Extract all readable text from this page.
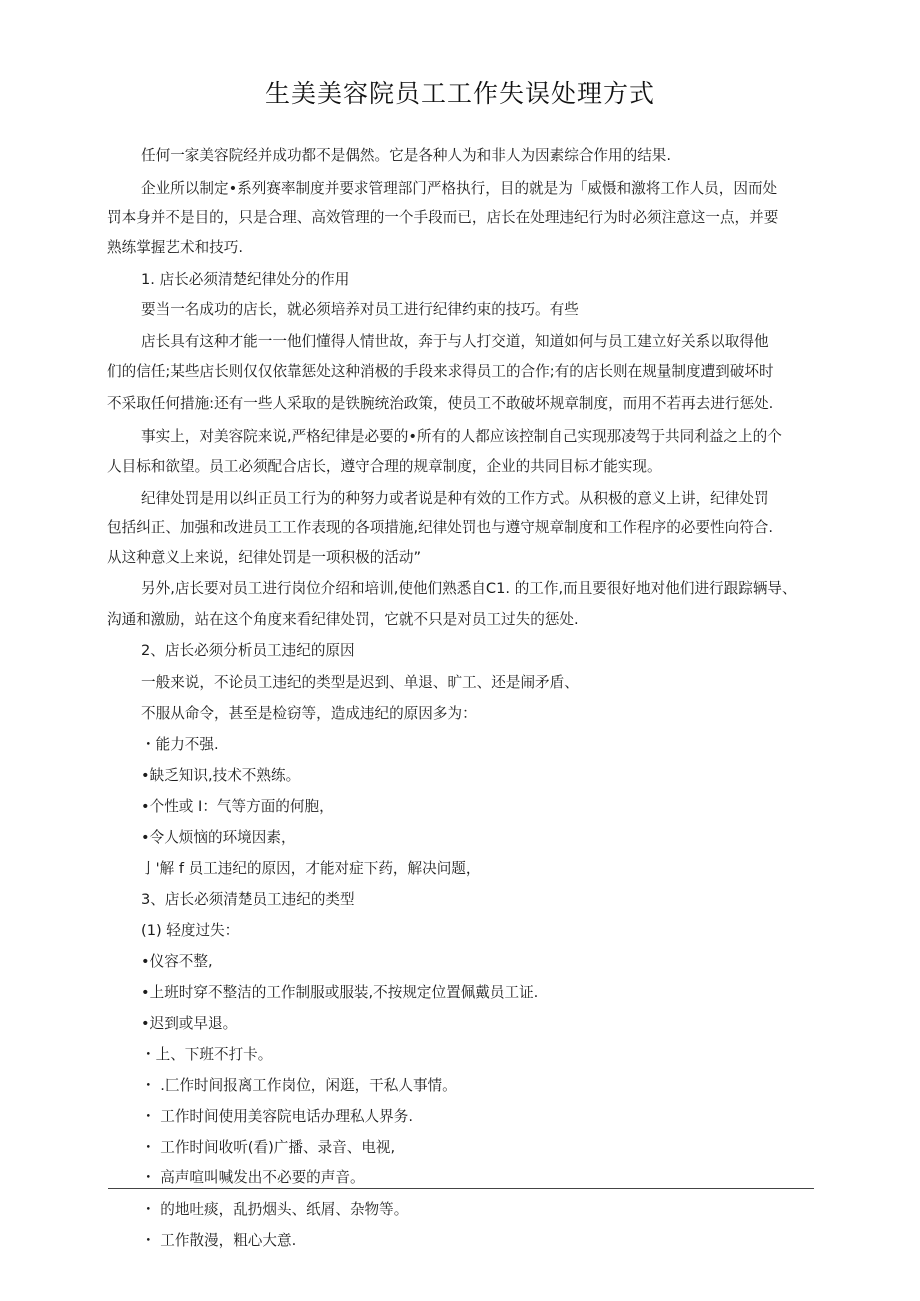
生美美容院员工工作失误处理方式
任何一家美容院经并成功都不是偶然。它是各种人为和非人为因素综合作用的结果.
企业所以制定•系列赛率制度并要求管理部门严格执行，目的就是为「威慑和激将工作人员，因而处
罚本身并不是目的，只是合理、高效管理的一个手段而已，店长在处理违纪行为时必须注意这一点，并要
熟练掌握艺术和技巧.
1. 店长必须清楚纪律处分的作用
要当一名成功的店长，就必须培养对员工进行纪律约束的技巧。有些
店长具有这种才能一一他们懂得人情世故，奔于与人打交道，知道如何与员工建立好关系以取得他
们的信任;某些店长则仅仅依靠惩处这种消极的手段来求得员工的合作;有的店长则在规量制度遭到破坏时
不采取任何措施:还有一些人采取的是铁腕统治政策，使员工不敢破坏规章制度，而用不若再去进行惩处.
事实上，对美容院来说,严格纪律是必要的•所有的人都应该控制自己实现那凌驾于共同利益之上的个
人目标和欲望。员工必须配合店长，遵守合理的规章制度，企业的共同目标才能实现。
纪律处罚是用以纠正员工行为的种努力或者说是种有效的工作方式。从积极的意义上讲，纪律处罚
包括纠正、加强和改进员工工作表现的各项措施,纪律处罚也与遵守规章制度和工作程序的必要性向符合.
从这种意义上来说，纪律处罚是一项积极的活动”
另外,店长要对员工进行岗位介绍和培训,使他们熟悉自C1. 的工作,而且要很好地对他们进行跟踪辆导、
沟通和激励，站在这个角度来看纪律处罚，它就不只是对员工过失的惩处.
2、店长必须分析员工违纪的原因
一般来说，不论员工违纪的类型是迟到、单退、旷工、还是闹矛盾、
不服从命令，甚至是检窃等，造成违纪的原因多为：
・能力不强.
•缺乏知识,技术不熟练。
•个性或 I：气等方面的何胞，
•令人烦恼的环境因素，
亅'解 f 员工违纪的原因，才能对症下药，解决问题，
3、店长必须清楚员工违纪的类型
(1) 轻度过失：
•仪容不整,
•上班时穿不整洁的工作制服或服装,不按规定位置佩戴员工证.
•迟到或早退。
・上、下班不打卡。
・ .匚作时间报离工作岗位，闲逛，干私人事情。
・ 工作时间使用美容院电话办理私人界务.
・ 工作时间收听(看)广播、录音、电视,
・ 高声喧叫喊发出不必要的声音。
・ 的地吐痰，乱扔烟头、纸屑、杂物等。
・ 工作散漫，粗心大意.
